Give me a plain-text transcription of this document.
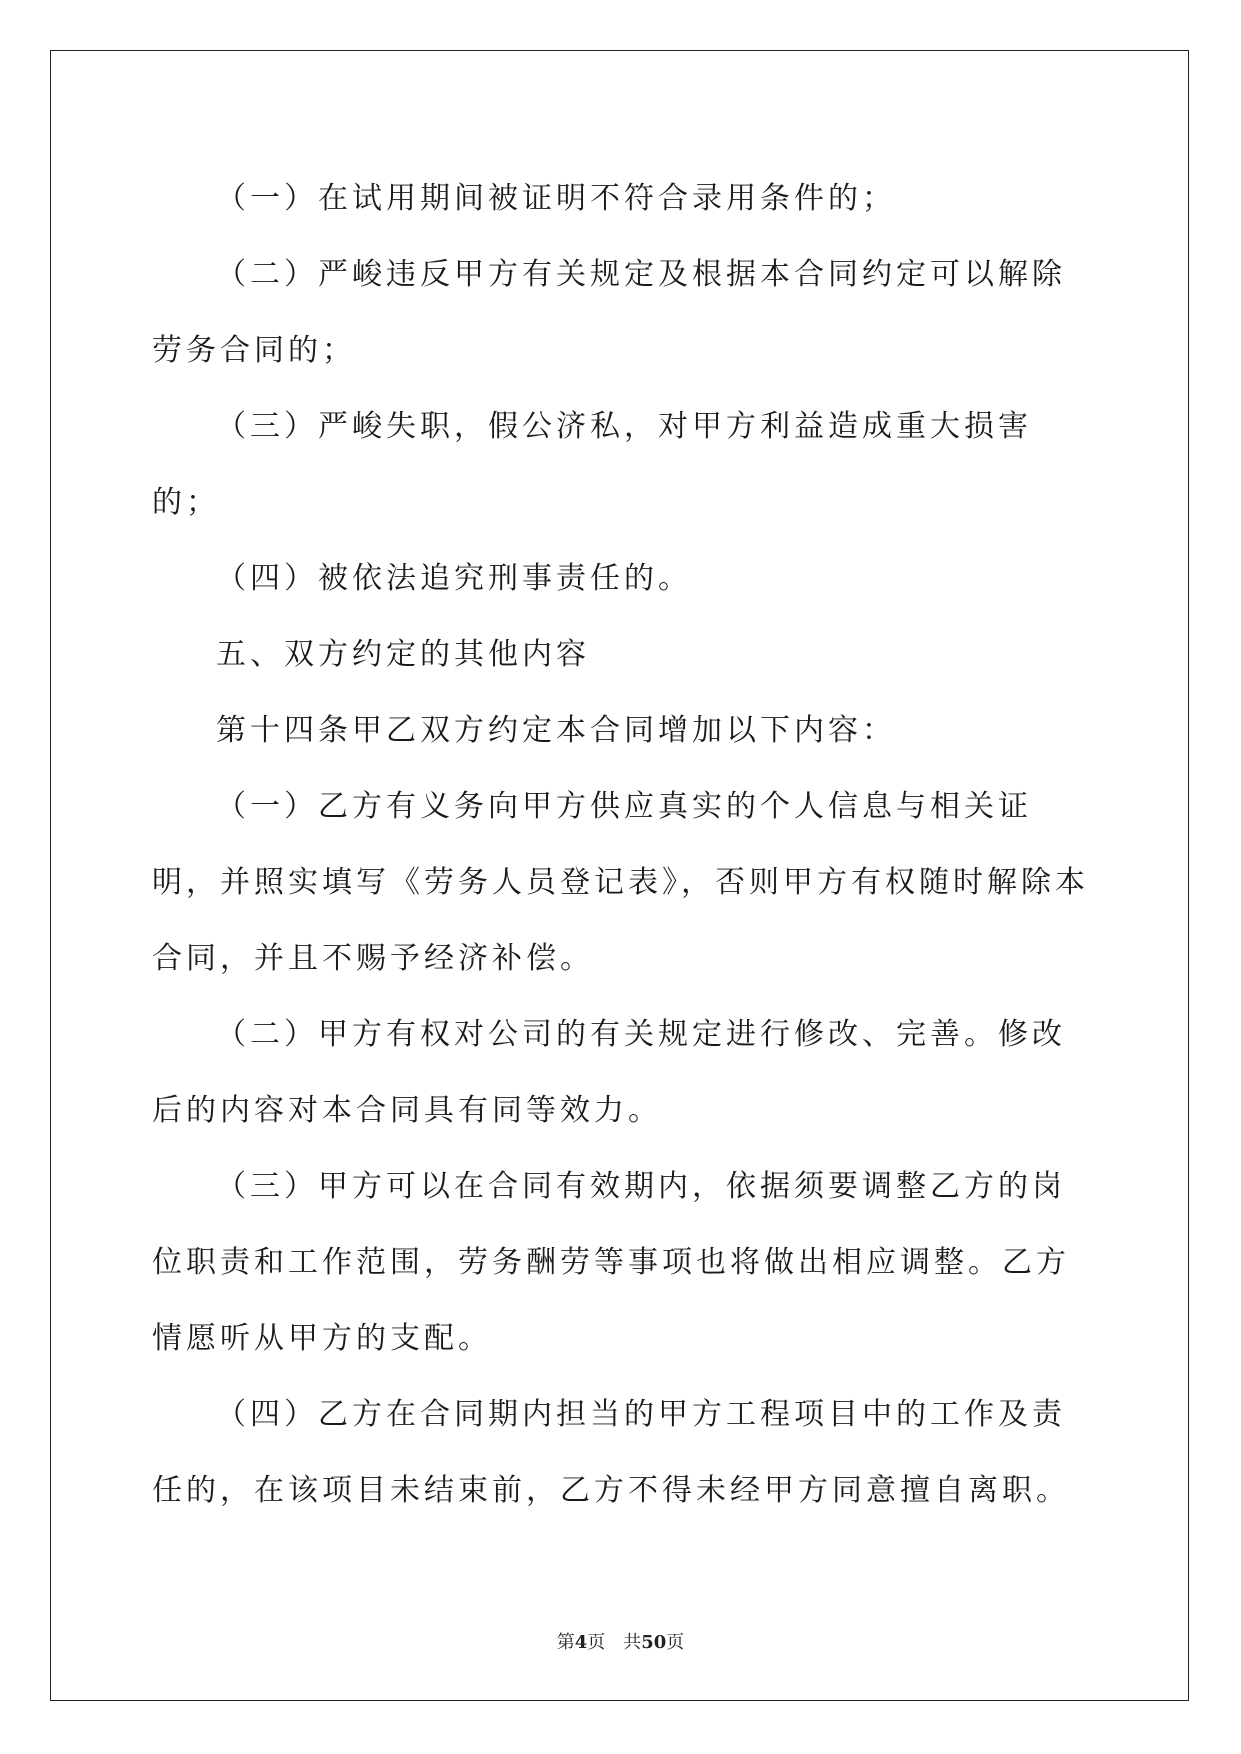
（一）在试用期间被证明不符合录用条件的；

（二）严峻违反甲方有关规定及根据本合同约定可以解除劳务合同的；

（三）严峻失职，假公济私，对甲方利益造成重大损害的；

（四）被依法追究刑事责任的。

五、双方约定的其他内容

第十四条甲乙双方约定本合同增加以下内容：

（一）乙方有义务向甲方供应真实的个人信息与相关证明，并照实填写《劳务人员登记表》，否则甲方有权随时解除本合同，并且不赐予经济补偿。

（二）甲方有权对公司的有关规定进行修改、完善。修改后的内容对本合同具有同等效力。

（三）甲方可以在合同有效期内，依据须要调整乙方的岗位职责和工作范围，劳务酬劳等事项也将做出相应调整。乙方情愿听从甲方的支配。

（四）乙方在合同期内担当的甲方工程项目中的工作及责任的，在该项目未结束前，乙方不得未经甲方同意擅自离职。

第4页 共50页
